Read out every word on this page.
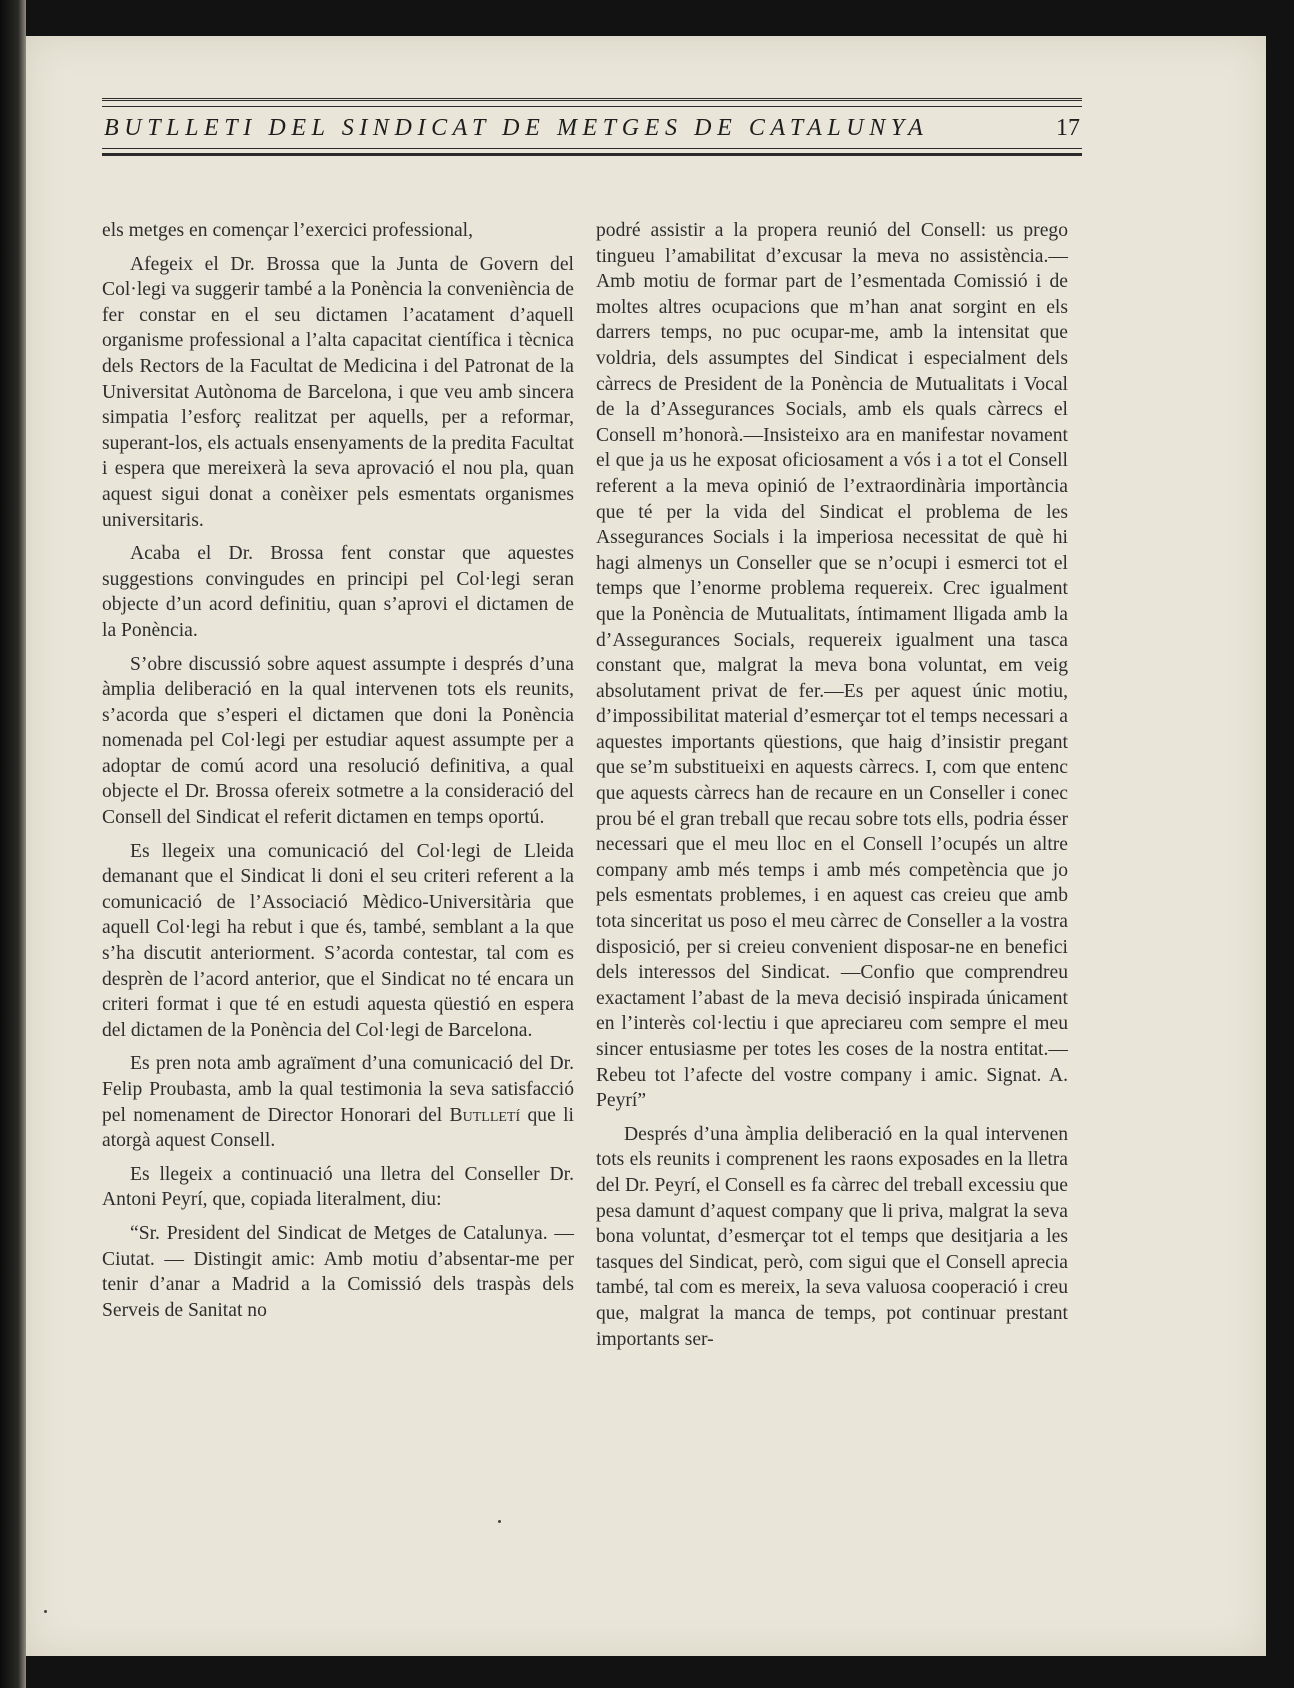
BUTLLETI DEL SINDICAT DE METGES DE CATALUNYA	17

els metges en començar l’exercici professional,

Afegeix el Dr. Brossa que la Junta de Govern del Col·legi va suggerir també a la Ponència la conveniència de fer constar en el seu dictamen l’acatament d’aquell organisme professional a l’alta capacitat científica i tècnica dels Rectors de la Facultat de Medicina i del Patronat de la Universitat Autònoma de Barcelona, i que veu amb sincera simpatia l’esforç realitzat per aquells, per a reformar, superant-los, els actuals ensenyaments de la predita Facultat i espera que mereixerà la seva aprovació el nou pla, quan aquest sigui donat a conèixer pels esmentats organismes universitaris.

Acaba el Dr. Brossa fent constar que aquestes suggestions convingudes en principi pel Col·legi seran objecte d’un acord definitiu, quan s’aprovi el dictamen de la Ponència.

S’obre discussió sobre aquest assumpte i després d’una àmplia deliberació en la qual intervenen tots els reunits, s’acorda que s’esperi el dictamen que doni la Ponència nomenada pel Col·legi per estudiar aquest assumpte per a adoptar de comú acord una resolució definitiva, a qual objecte el Dr. Brossa ofereix sotmetre a la consideració del Consell del Sindicat el referit dictamen en temps oportú.

Es llegeix una comunicació del Col·legi de Lleida demanant que el Sindicat li doni el seu criteri referent a la comunicació de l’Associació Mèdico-Universitària que aquell Col·legi ha rebut i que és, també, semblant a la que s’ha discutit anteriorment. S’acorda contestar, tal com es desprèn de l’acord anterior, que el Sindicat no té encara un criteri format i que té en estudi aquesta qüestió en espera del dictamen de la Ponència del Col·legi de Barcelona.

Es pren nota amb agraïment d’una comunicació del Dr. Felip Proubasta, amb la qual testimonia la seva satisfacció pel nomenament de Director Honorari del Butlletí que li atorgà aquest Consell.

Es llegeix a continuació una lletra del Conseller Dr. Antoni Peyrí, que, copiada literalment, diu:

“Sr. President del Sindicat de Metges de Catalunya. — Ciutat. — Distingit amic: Amb motiu d’absentar-me per tenir d’anar a Madrid a la Comissió dels traspàs dels Serveis de Sanitat no

podré assistir a la propera reunió del Consell: us prego tingueu l’amabilitat d’excusar la meva no assistència.—Amb motiu de formar part de l’esmentada Comissió i de moltes altres ocupacions que m’han anat sorgint en els darrers temps, no puc ocupar-me, amb la intensitat que voldria, dels assumptes del Sindicat i especialment dels càrrecs de President de la Ponència de Mutualitats i Vocal de la d’Assegurances Socials, amb els quals càrrecs el Consell m’honorà.—Insisteixo ara en manifestar novament el que ja us he exposat oficiosament a vós i a tot el Consell referent a la meva opinió de l’extraordinària importància que té per la vida del Sindicat el problema de les Assegurances Socials i la imperiosa necessitat de què hi hagi almenys un Conseller que se n’ocupi i esmerci tot el temps que l’enorme problema requereix. Crec igualment que la Ponència de Mutualitats, íntimament lligada amb la d’Assegurances Socials, requereix igualment una tasca constant que, malgrat la meva bona voluntat, em veig absolutament privat de fer.—Es per aquest únic motiu, d’impossibilitat material d’esmerçar tot el temps necessari a aquestes importants qüestions, que haig d’insistir pregant que se’m substitueixi en aquests càrrecs. I, com que entenc que aquests càrrecs han de recaure en un Conseller i conec prou bé el gran treball que recau sobre tots ells, podria ésser necessari que el meu lloc en el Consell l’ocupés un altre company amb més temps i amb més competència que jo pels esmentats problemes, i en aquest cas creieu que amb tota sinceritat us poso el meu càrrec de Conseller a la vostra disposició, per si creieu convenient disposar-ne en benefici dels interessos del Sindicat. —Confio que comprendreu exactament l’abast de la meva decisió inspirada únicament en l’interès col·lectiu i que apreciareu com sempre el meu sincer entusiasme per totes les coses de la nostra entitat.—Rebeu tot l’afecte del vostre company i amic. Signat. A. Peyrí”

Després d’una àmplia deliberació en la qual intervenen tots els reunits i comprenent les raons exposades en la lletra del Dr. Peyrí, el Consell es fa càrrec del treball excessiu que pesa damunt d’aquest company que li priva, malgrat la seva bona voluntat, d’esmerçar tot el temps que desitjaria a les tasques del Sindicat, però, com sigui que el Consell aprecia també, tal com es mereix, la seva valuosa cooperació i creu que, malgrat la manca de temps, pot continuar prestant importants ser-
